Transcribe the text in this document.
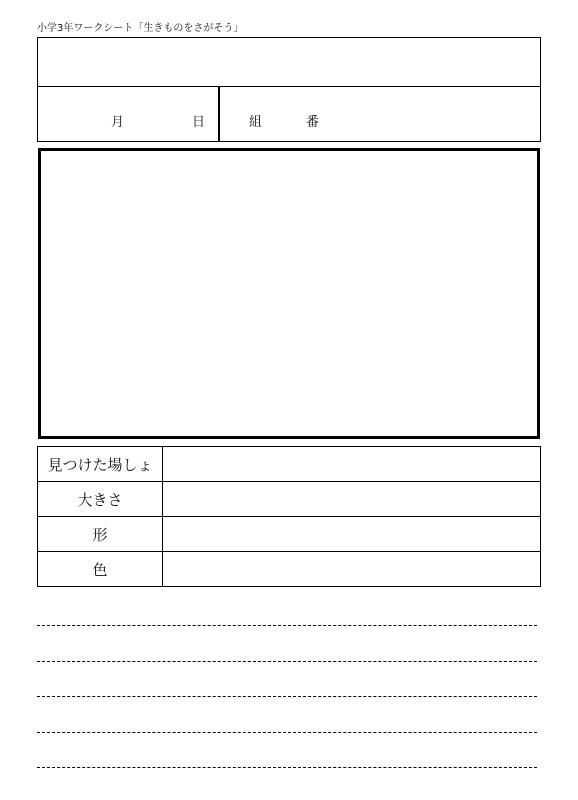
小学3年ワークシート「生きものをさがそう」
月	日	組	番
見つけた場しょ	
大きさ	
形	
色	
